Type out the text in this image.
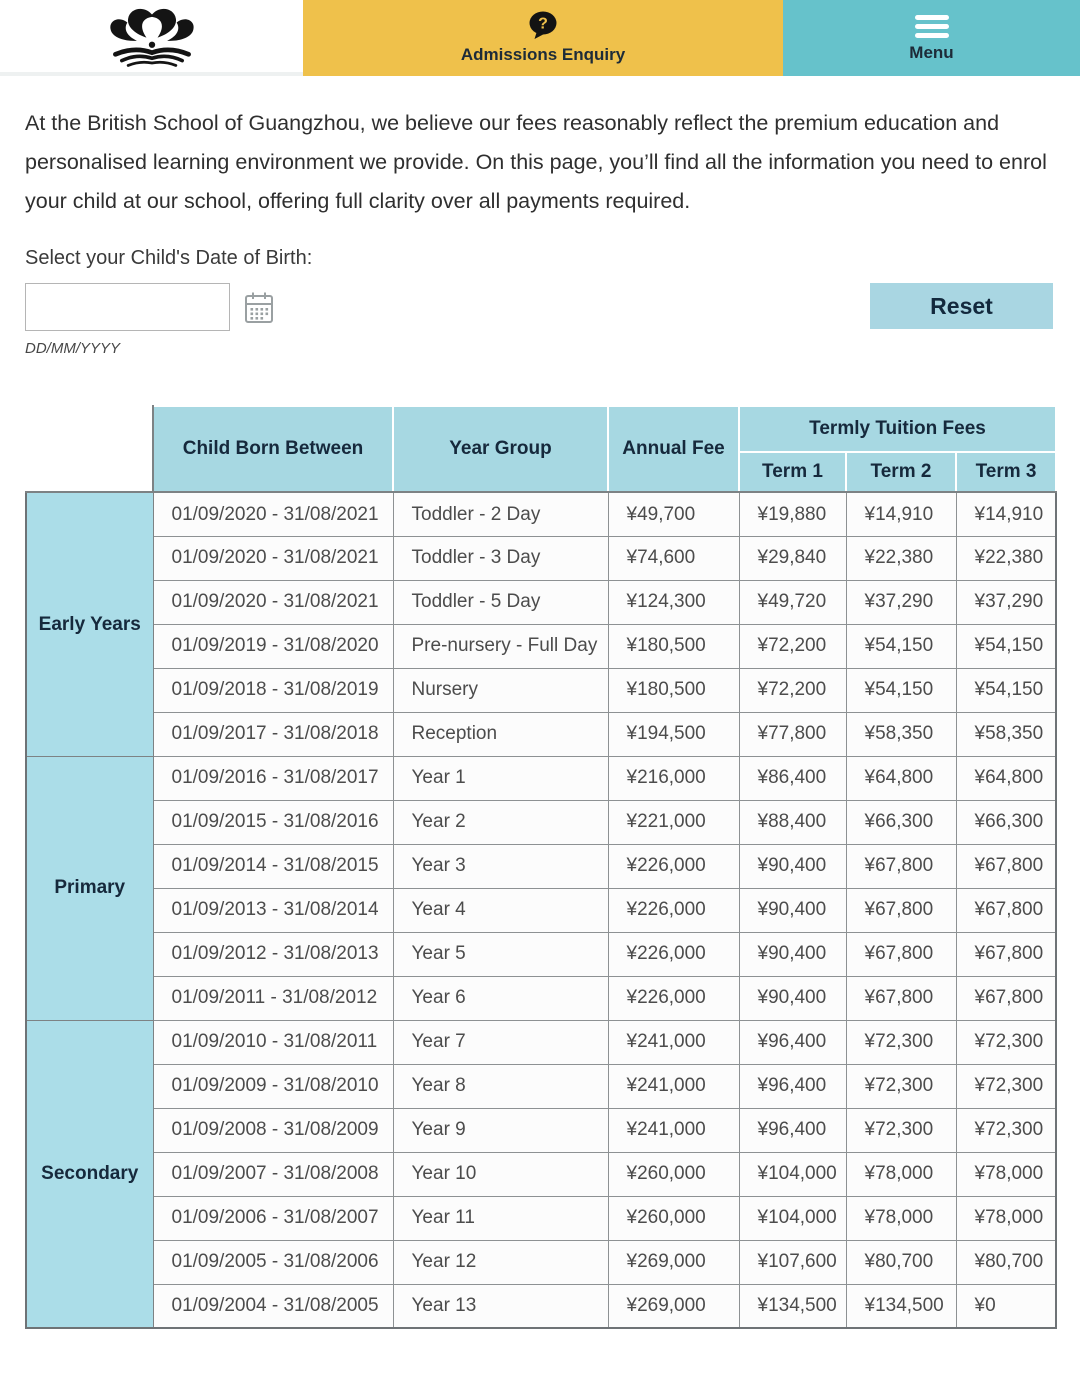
?
Admissions Enquiry	Menu

At the British School of Guangzhou, we believe our fees reasonably reflect the premium education and personalised learning environment we provide. On this page, you’ll find all the information you need to enrol your child at our school, offering full clarity over all payments required.

Select your Child's Date of Birth:
DD/MM/YYYY
Reset
	Child Born Between	Year Group	Annual Fee	Termly Tuition Fees		
				Term 1	Term 2	Term 3
Early Years	01/09/2020 - 31/08/2021	Toddler - 2 Day	¥49,700	¥19,880	¥14,910	¥14,910
	01/09/2020 - 31/08/2021	Toddler - 3 Day	¥74,600	¥29,840	¥22,380	¥22,380
	01/09/2020 - 31/08/2021	Toddler - 5 Day	¥124,300	¥49,720	¥37,290	¥37,290
	01/09/2019 - 31/08/2020	Pre-nursery - Full Day	¥180,500	¥72,200	¥54,150	¥54,150
	01/09/2018 - 31/08/2019	Nursery	¥180,500	¥72,200	¥54,150	¥54,150
	01/09/2017 - 31/08/2018	Reception	¥194,500	¥77,800	¥58,350	¥58,350
Primary	01/09/2016 - 31/08/2017	Year 1	¥216,000	¥86,400	¥64,800	¥64,800
	01/09/2015 - 31/08/2016	Year 2	¥221,000	¥88,400	¥66,300	¥66,300
	01/09/2014 - 31/08/2015	Year 3	¥226,000	¥90,400	¥67,800	¥67,800
	01/09/2013 - 31/08/2014	Year 4	¥226,000	¥90,400	¥67,800	¥67,800
	01/09/2012 - 31/08/2013	Year 5	¥226,000	¥90,400	¥67,800	¥67,800
	01/09/2011 - 31/08/2012	Year 6	¥226,000	¥90,400	¥67,800	¥67,800
Secondary	01/09/2010 - 31/08/2011	Year 7	¥241,000	¥96,400	¥72,300	¥72,300
	01/09/2009 - 31/08/2010	Year 8	¥241,000	¥96,400	¥72,300	¥72,300
	01/09/2008 - 31/08/2009	Year 9	¥241,000	¥96,400	¥72,300	¥72,300
	01/09/2007 - 31/08/2008	Year 10	¥260,000	¥104,000	¥78,000	¥78,000
	01/09/2006 - 31/08/2007	Year 11	¥260,000	¥104,000	¥78,000	¥78,000
	01/09/2005 - 31/08/2006	Year 12	¥269,000	¥107,600	¥80,700	¥80,700
	01/09/2004 - 31/08/2005	Year 13	¥269,000	¥134,500	¥134,500	¥0
